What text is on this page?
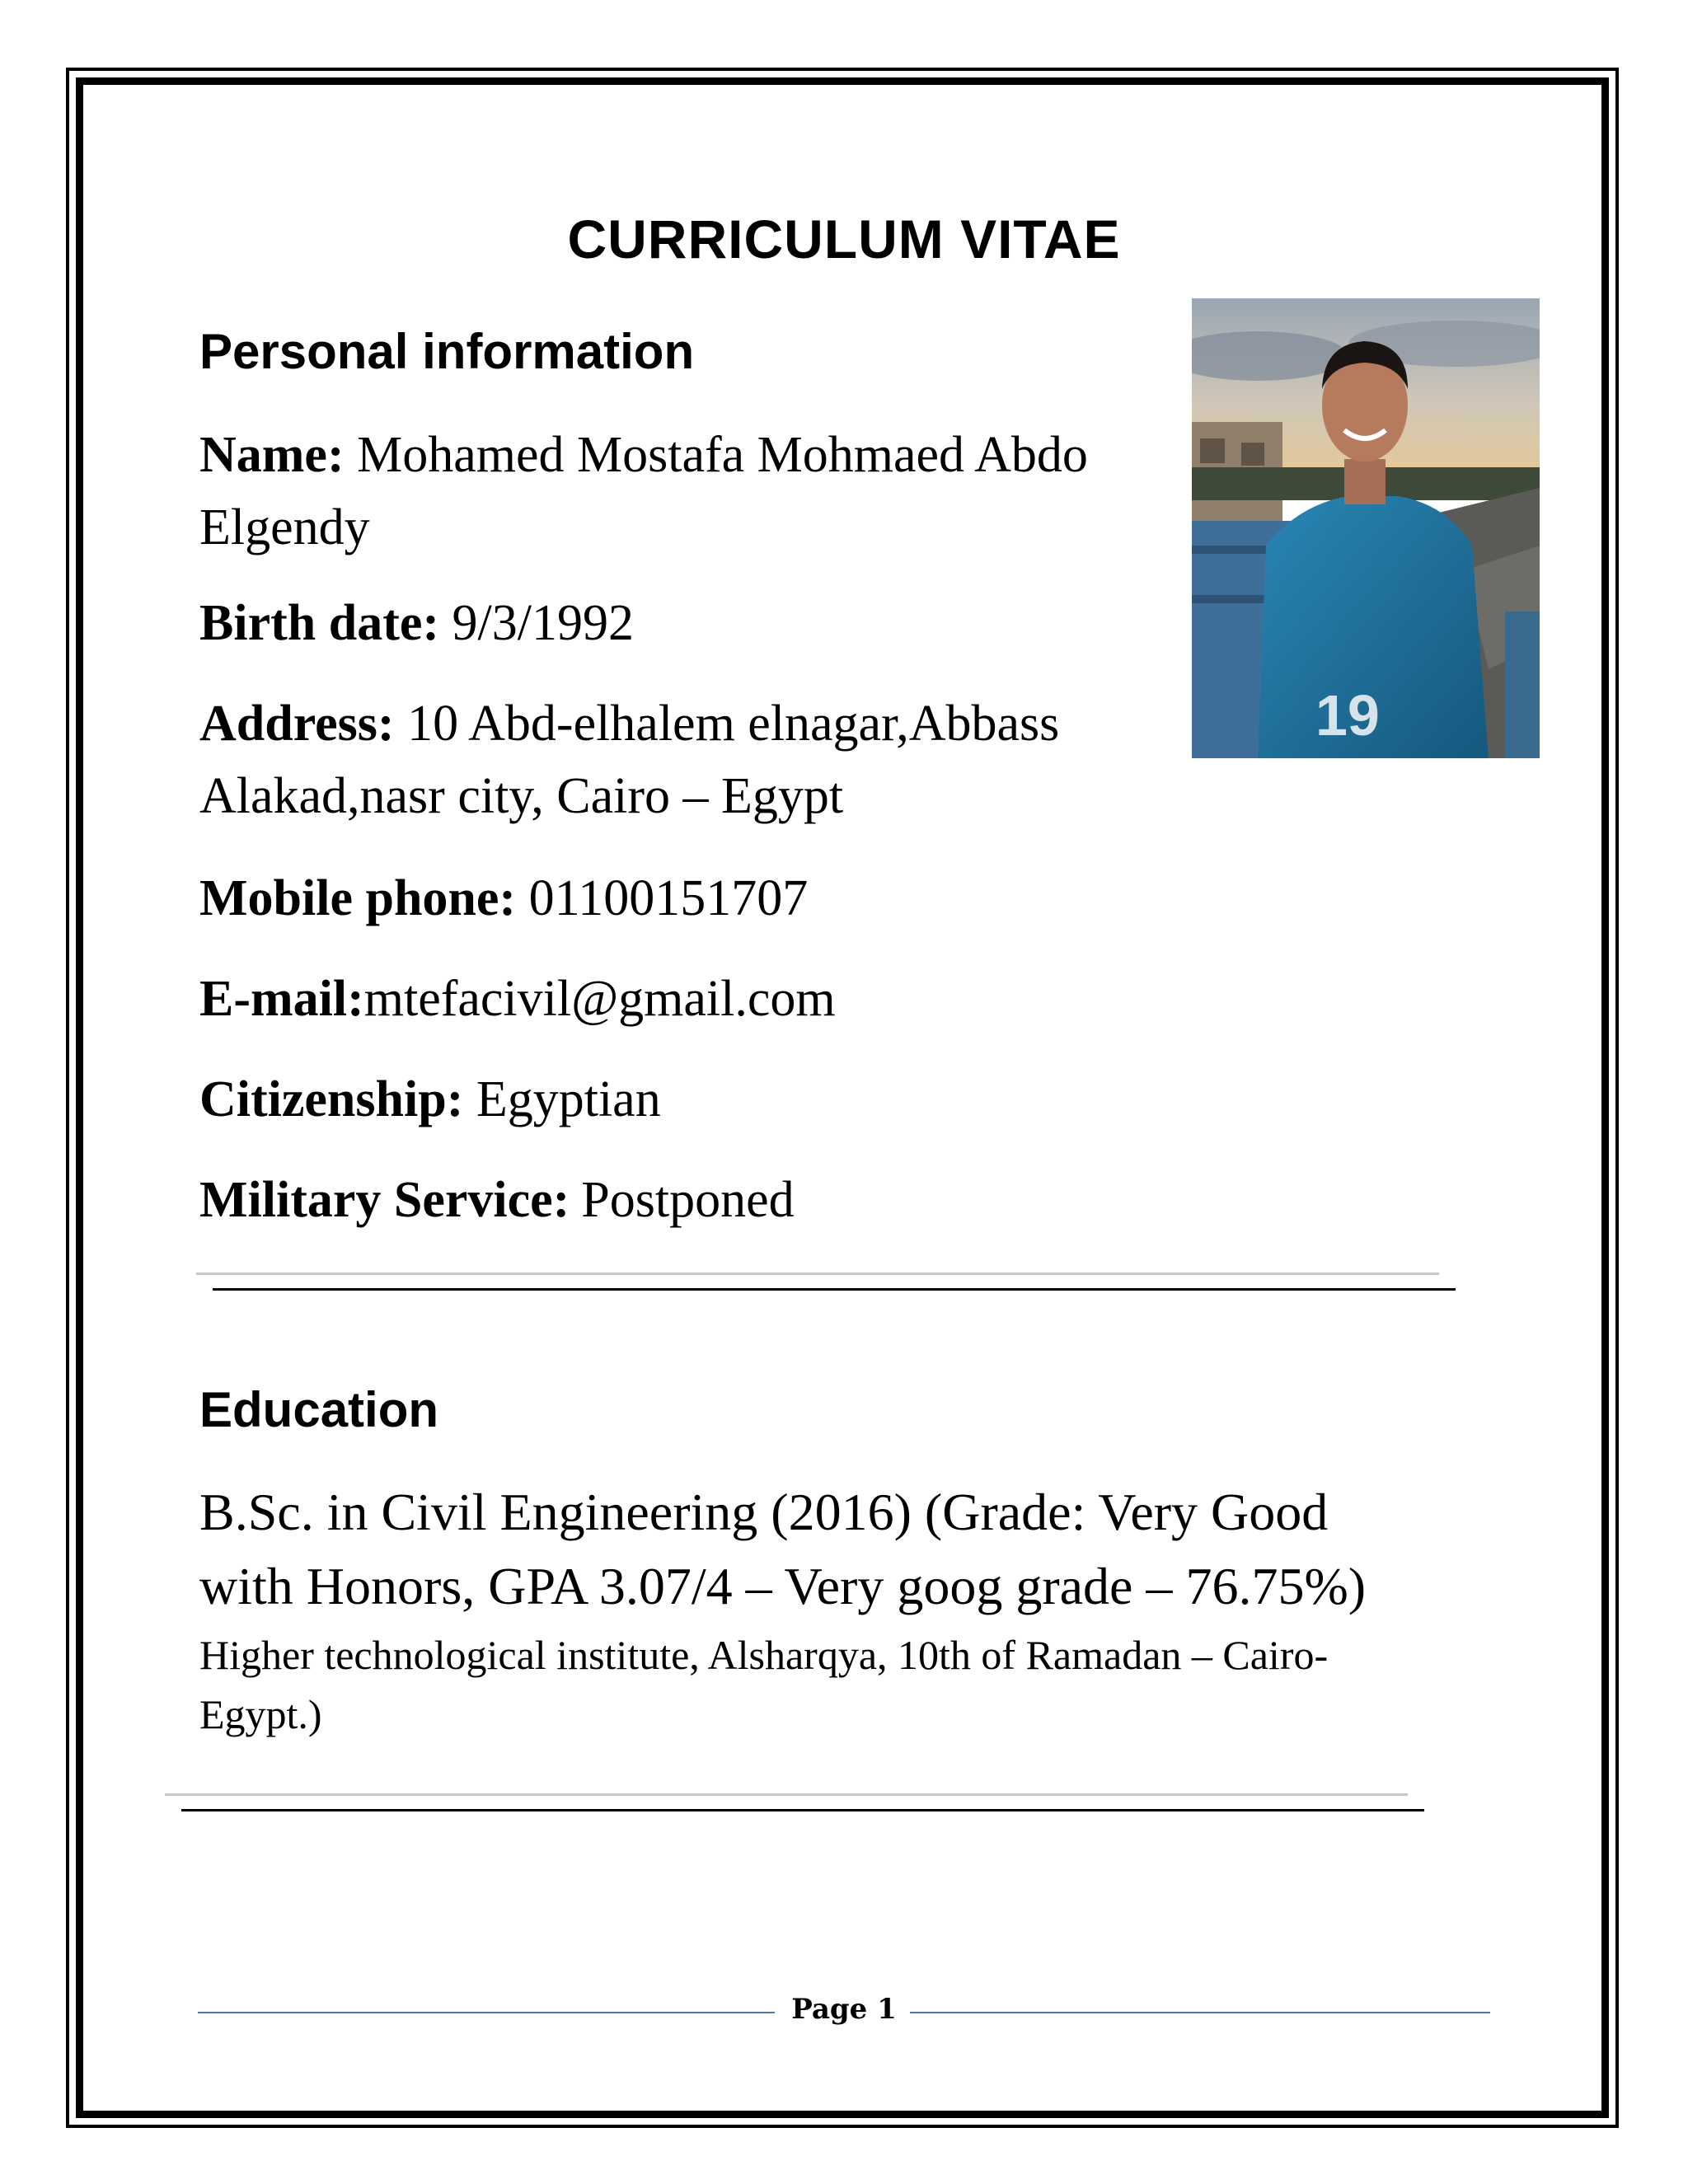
CURRICULUM VITAE
Personal information
Name: Mohamed Mostafa Mohmaed Abdo
Elgendy
Birth date: 9/3/1992
Address: 10 Abd-elhalem elnagar,Abbass
Alakad,nasr city, Cairo – Egypt
Mobile phone: 01100151707
E-mail:mtefacivil@gmail.com
Citizenship: Egyptian
Military Service: Postponed
19
Education
B.Sc. in Civil Engineering (2016) (Grade: Very Good
with Honors, GPA 3.07/4 – Very goog grade – 76.75%)
Higher technological institute, Alsharqya, 10th of Ramadan – Cairo-
Egypt.)
Page 1
